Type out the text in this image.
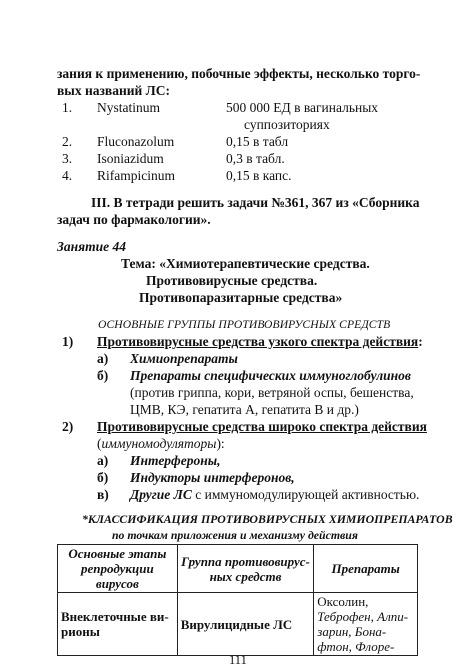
зания к применению, побочные эффекты, несколько торго-
вых названий ЛС:
1. Nystatinum	500 000 ЕД в вагинальных
суппозиториях
2. Fluconazolum	0,15 в табл
3. Isoniazidum	0,3 в табл.
4. Rifampicinum	0,15 в капс.
III. В тетради решить задачи №361, 367 из «Сборника
задач по фармакологии».
Занятие 44
Тема: «Химиотерапевтические средства.
Противовирусные средства.
Противопаразитарные средства»
ОСНОВНЫЕ ГРУППЫ ПРОТИВОВИРУСНЫХ СРЕДСТВ
1) Противовирусные средства узкого спектра действия:
а) Химиопрепараты
б) Препараты специфических иммуноглобулинов
(против гриппа, кори, ветряной оспы, бешенства,
ЦМВ, КЭ, гепатита А, гепатита В и др.)
2) Противовирусные средства широко спектра действия
(иммуномодуляторы):
а) Интерфероны,
б) Индукторы интерферонов,
в) Другие ЛС с иммуномодулирующей активностью.
*КЛАССИФИКАЦИЯ ПРОТИВОВИРУСНЫХ ХИМИОПРЕПАРАТОВ
по точкам приложения и механизму действия
Основные этапы репродукции вирусов	Группа противовирус-ных средств	Препараты
Внеклеточные ви-рионы	Вирулицидные ЛС	Оксолин,
Теброфен, Алпи-зарин, Бона-фтон, Флоре-
111
